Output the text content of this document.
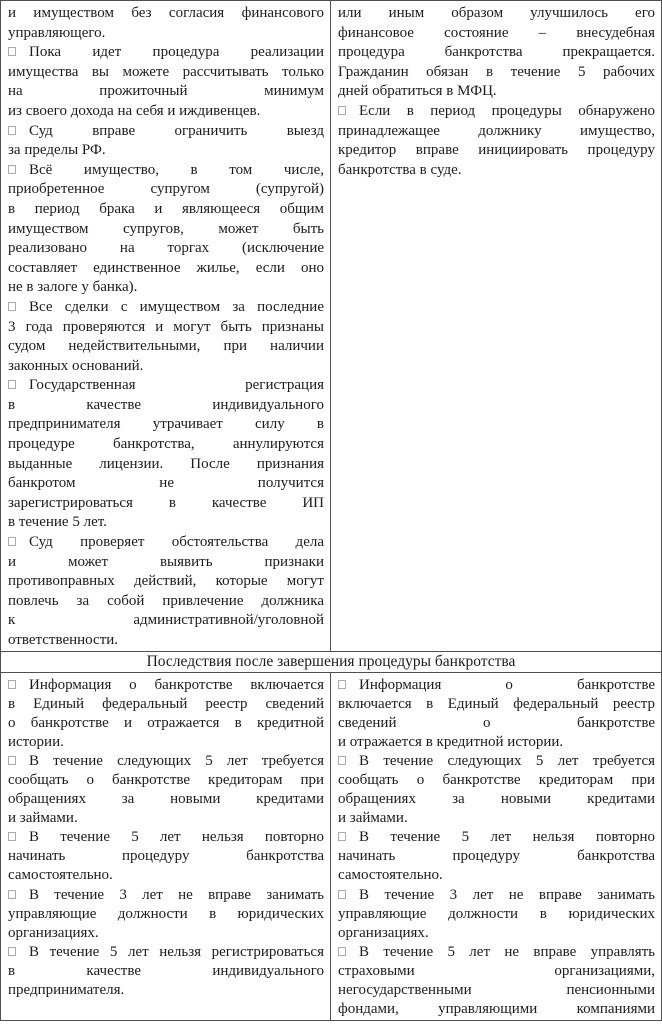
и имуществом без согласия финансового
управляющего.
Пока идет процедура реализации
имущества вы можете рассчитывать только
на прожиточный минимум
из своего дохода на себя и иждивенцев.
Суд вправе ограничить выезд
за пределы РФ.
Всё имущество, в том числе,
приобретенное супругом (супругой)
в период брака и являющееся общим
имуществом супругов, может быть
реализовано на торгах (исключение
составляет единственное жилье, если оно
не в залоге у банка).
Все сделки с имуществом за последние
3 года проверяются и могут быть признаны
судом недействительными, при наличии
законных оснований.
Государственная регистрация
в качестве индивидуального
предпринимателя утрачивает силу в
процедуре банкротства, аннулируются
выданные лицензии. После признания
банкротом не получится
зарегистрироваться в качестве ИП
в течение 5 лет.
Суд проверяет обстоятельства дела
и может выявить признаки
противоправных действий, которые могут
повлечь за собой привлечение должника
к административной/уголовной
ответственности.
или иным образом улучшилось его
финансовое состояние – внесудебная
процедура банкротства прекращается.
Гражданин обязан в течение 5 рабочих
дней обратиться в МФЦ.
Если в период процедуры обнаружено
принадлежащее должнику имущество,
кредитор вправе инициировать процедуру
банкротства в суде.
Последствия после завершения процедуры банкротства
Информация о банкротстве включается
в Единый федеральный реестр сведений
о банкротстве и отражается в кредитной
истории.
В течение следующих 5 лет требуется
сообщать о банкротстве кредиторам при
обращениях за новыми кредитами
и займами.
В течение 5 лет нельзя повторно
начинать процедуру банкротства
самостоятельно.
В течение 3 лет не вправе занимать
управляющие должности в юридических
организациях.
В течение 5 лет нельзя регистрироваться
в качестве индивидуального
предпринимателя.
Информация о банкротстве
включается в Единый федеральный реестр
сведений о банкротстве
и отражается в кредитной истории.
В течение следующих 5 лет требуется
сообщать о банкротстве кредиторам при
обращениях за новыми кредитами
и займами.
В течение 5 лет нельзя повторно
начинать процедуру банкротства
самостоятельно.
В течение 3 лет не вправе занимать
управляющие должности в юридических
организациях.
В течение 5 лет не вправе управлять
страховыми организациями,
негосударственными пенсионными
фондами, управляющими компаниями
